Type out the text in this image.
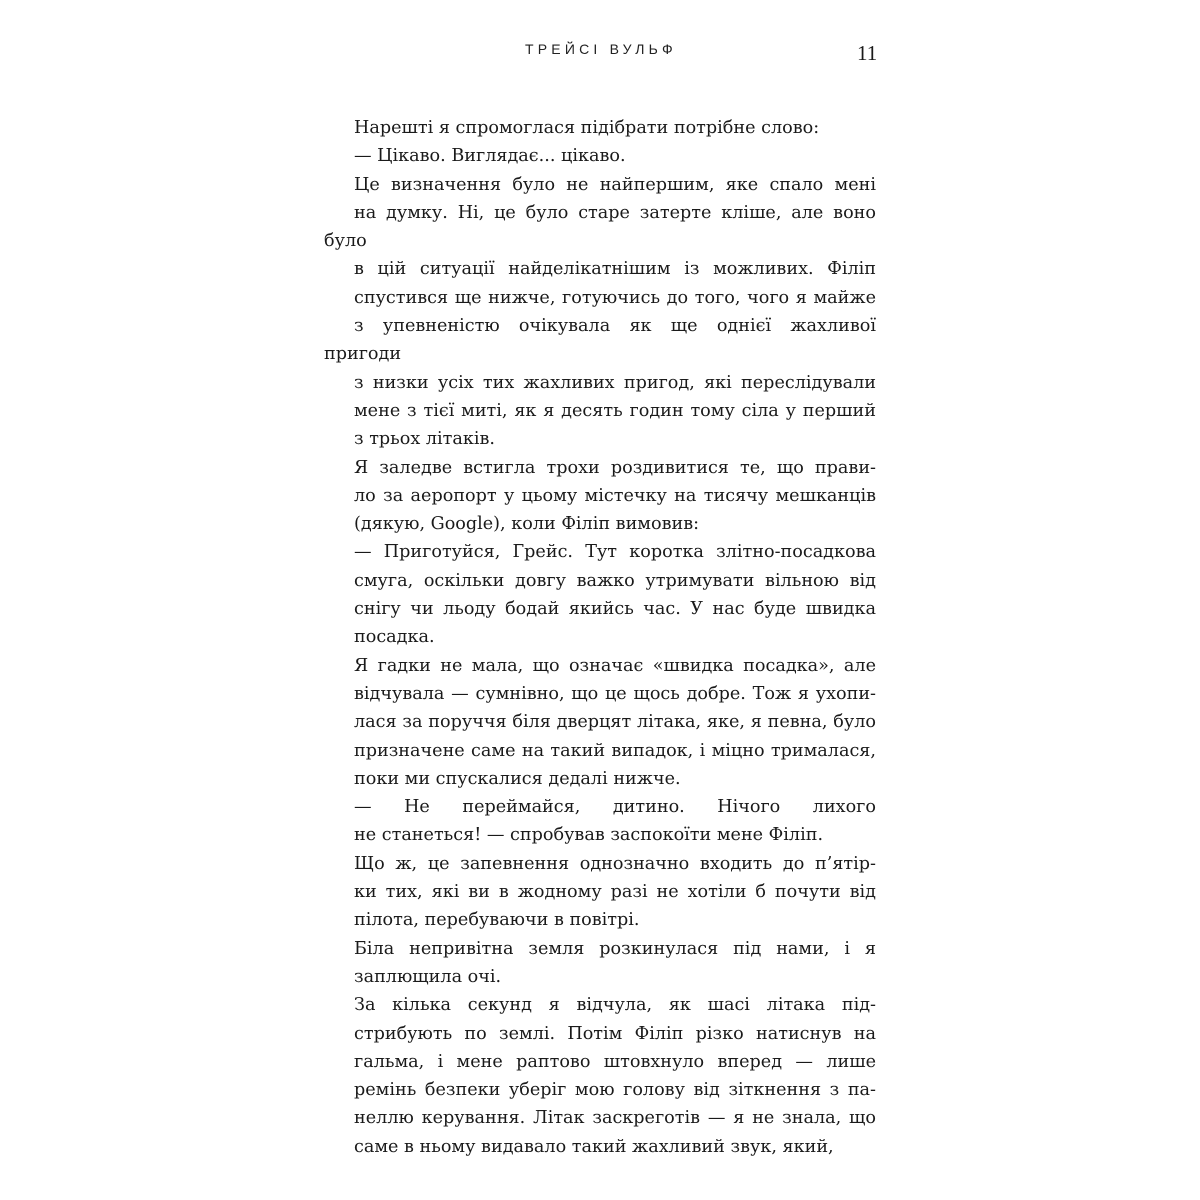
ТРЕЙСІ ВУЛЬФ	11

Нарешті я спромоглася підібрати потрібне слово:

— Цікаво. Виглядає... цікаво.

Це визначення було не найпершим, яке спало мені
на думку. Ні, це було старе затерте кліше, але воно було
в цій ситуації найделікатнішим із можливих. Філіп
спустився ще нижче, готуючись до того, чого я майже
з упевненістю очікувала як ще однієї жахливої пригоди
з низки усіх тих жахливих пригод, які переслідували
мене з тієї миті, як я десять годин тому сіла у перший
з трьох літаків.

Я заледве встигла трохи роздивитися те, що прави-
ло за аеропорт у цьому містечку на тисячу мешканців
(дякую, Google), коли Філіп вимовив:

— Приготуйся, Грейс. Тут коротка злітно-посадкова
смуга, оскільки довгу важко утримувати вільною від
снігу чи льоду бодай якийсь час. У нас буде швидка
посадка.

Я гадки не мала, що означає «швидка посадка», але
відчувала — сумнівно, що це щось добре. Тож я ухопи-
лася за поруччя біля дверцят літака, яке, я певна, було
призначене саме на такий випадок, і міцно трималася,
поки ми спускалися дедалі нижче.

— Не переймайся, дитино. Нічого лихого
не станеться! — спробував заспокоїти мене Філіп.

Що ж, це запевнення однозначно входить до п’ятір-
ки тих, які ви в жодному разі не хотіли б почути від
пілота, перебуваючи в повітрі.

Біла непривітна земля розкинулася під нами, і я
заплющила очі.

За кілька секунд я відчула, як шасі літака під-
стрибують по землі. Потім Філіп різко натиснув на
гальма, і мене раптово штовхнуло вперед — лише
ремінь безпеки уберіг мою голову від зіткнення з па-
неллю керування. Літак заскреготів — я не знала, що
саме в ньому видавало такий жахливий звук, який,
